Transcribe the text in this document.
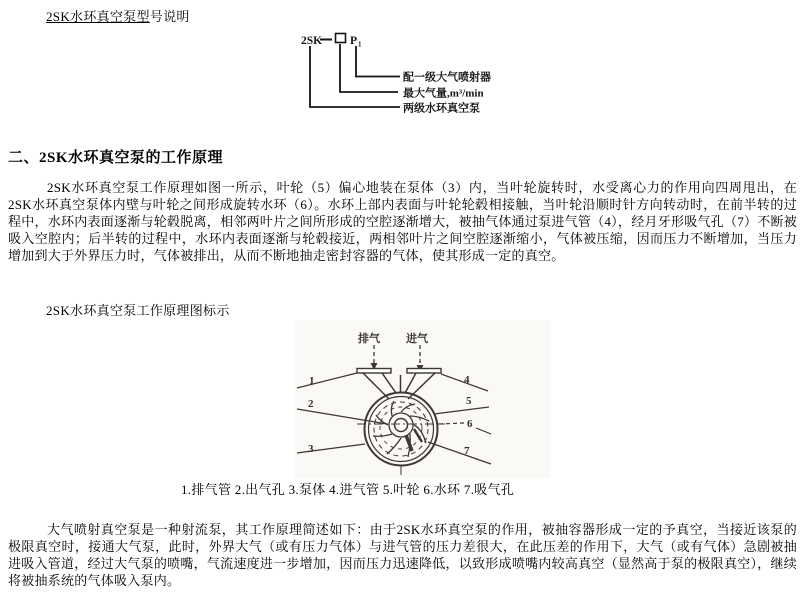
2SK水环真空泵型号说明
2SK P 1
配一级大气喷射器
最大气量,m³/min
两级水环真空泵
二、2SK水环真空泵的工作原理
2SK水环真空泵工作原理如图一所示，叶轮（5）偏心地装在泵体（3）内，当叶轮旋转时，水受离心力的作用向四周甩出，在2SK水环真空泵体内壁与叶轮之间形成旋转水环（6）。水环上部内表面与叶轮轮毂相接触，当叶轮沿顺时针方向转动时，在前半转的过程中，水环内表面逐渐与轮毂脱离，相邻两叶片之间所形成的空腔逐渐增大，被抽气体通过泵进气管（4），经月牙形吸气孔（7）不断被吸入空腔内；后半转的过程中，水环内表面逐渐与轮毂接近，两相邻叶片之间空腔逐渐缩小，气体被压缩，因而压力不断增加，当压力增加到大于外界压力时，气体被排出，从而不断地抽走密封容器的气体，使其形成一定的真空。
2SK水环真空泵工作原理图标示
排气 进气
1
2
3
4
5
6
7
1.排气管 2.出气孔 3.泵体 4.进气管 5.叶轮 6.水环 7.吸气孔
大气喷射真空泵是一种射流泵，其工作原理简述如下：由于2SK水环真空泵的作用，被抽容器形成一定的予真空，当接近该泵的极限真空时，接通大气泵，此时，外界大气（或有压力气体）与进气管的压力差很大，在此压差的作用下，大气（或有气体）急剧被抽进吸入管道，经过大气泵的喷嘴，气流速度进一步增加，因而压力迅速降低，以致形成喷嘴内较高真空（显然高于泵的极限真空），继续将被抽系统的气体吸入泵内。
